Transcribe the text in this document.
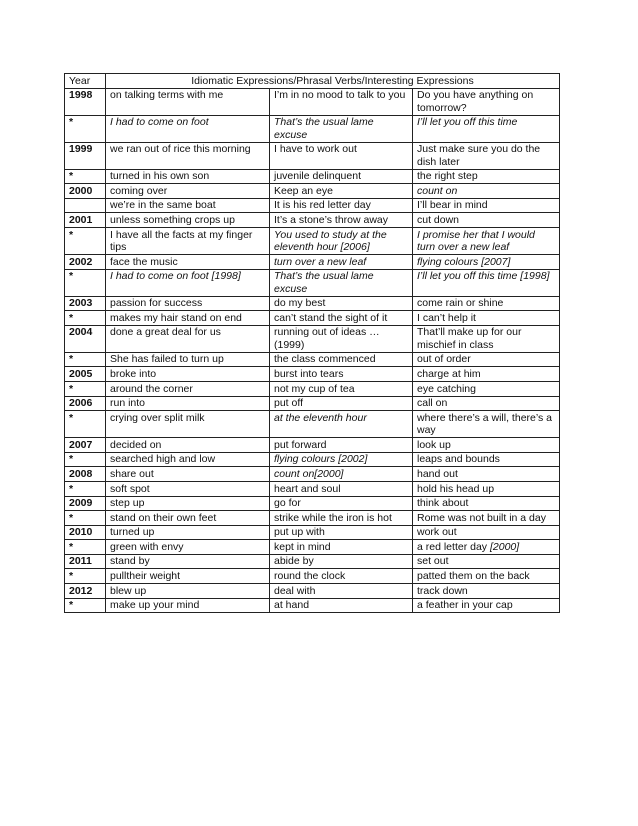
Year	Idiomatic Expressions/Phrasal Verbs/Interesting Expressions		
1998	on talking terms with me	I’m in no mood to talk to you	Do you have anything on tomorrow?
*	I had to come on foot	That’s the usual lame excuse	I’ll let you off this time
1999	we ran out of rice this morning	I have to work out	Just make sure you do the dish later
*	turned in his own son	juvenile delinquent	the right step
2000	coming over	Keep an eye	count on
	we’re in the same boat	It is his red letter day	I’ll bear in mind
2001	unless something crops up	It’s a stone’s throw away	cut down
*	I have all the facts at my finger tips	You used to study at the eleventh hour [2006]	I promise her that I would turn over a new leaf
2002	face the music	turn over a new leaf	flying colours [2007]
*	I had to come on foot [1998]	That’s the usual lame excuse	I’ll let you off this time [1998]
2003	passion for success	do my best	come rain or shine
*	makes my hair stand on end	can’t stand the sight of it	I can’t help it
2004	done a great deal for us	running out of ideas … (1999)	That’ll make up for our mischief in class
*	She has failed to turn up	the class commenced	out of order
2005	broke into	burst into tears	charge at him
*	around the corner	not my cup of tea	eye catching
2006	run into	put off	call on
*	crying over split milk	at the eleventh hour	where there’s a will, there’s a way
2007	decided on	put forward	look up
*	searched high and low	flying colours [2002]	leaps and bounds
2008	share out	count on[2000]	hand out
*	soft spot	heart and soul	hold his head up
2009	step up	go for	think about
*	stand on their own feet	strike while the iron is hot	Rome was not built in a day
2010	turned up	put up with	work out
*	green with envy	kept in mind	a red letter day [2000]
2011	stand by	abide by	set out
*	pulltheir weight	round the clock	patted them on the back
2012	blew up	deal with	track down
*	make up your mind	at hand	a feather in your cap
